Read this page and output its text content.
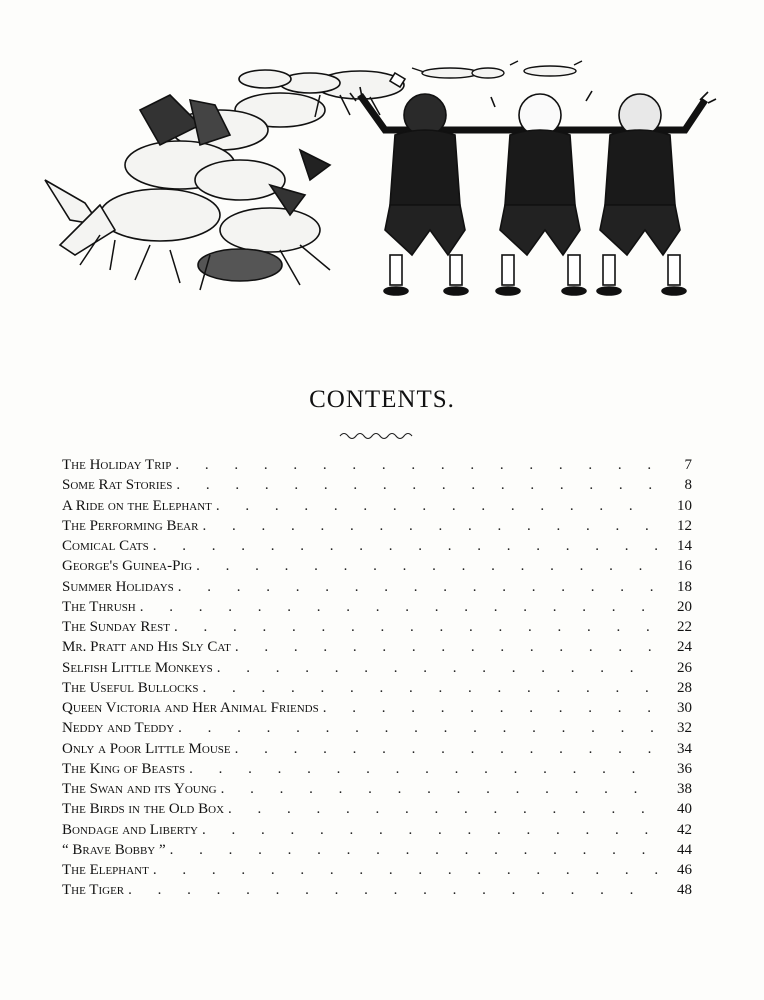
CONTENTS.
The Holiday Trip . . .	7
Some Rat Stories . . .	8
A Ride on the Elephant . . .	10
The Performing Bear . . .	12
Comical Cats . . .	14
George's Guinea-Pig . . .	16
Summer Holidays . . .	18
The Thrush . . .	20
The Sunday Rest . . .	22
Mr. Pratt and His Sly Cat . . .	24
Selfish Little Monkeys . . .	26
The Useful Bullocks . . .	28
Queen Victoria and Her Animal Friends . . .	30
Neddy and Teddy . . .	32
Only a Poor Little Mouse . . .	34
The King of Beasts . . .	36
The Swan and its Young . . .	38
The Birds in the Old Box . . .	40
Bondage and Liberty . . .	42
“ Brave Bobby ” . . .	44
The Elephant . . .	46
The Tiger . . .	48
